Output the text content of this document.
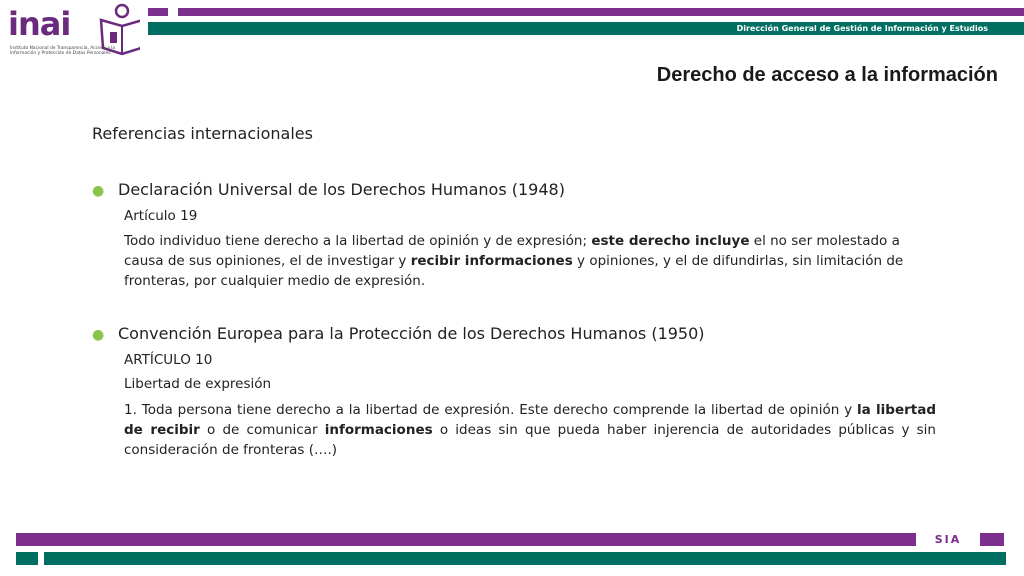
Dirección General de Gestión de Información y Estudios
inai
Instituto Nacional de Transparencia, Acceso a la Información y Protección de Datos Personales
Derecho de acceso a la información
Referencias internacionales
● Declaración Universal de los Derechos Humanos (1948)
Artículo 19
Todo individuo tiene derecho a la libertad de opinión y de expresión; este derecho incluye el no ser molestado a causa de sus opiniones, el de investigar y recibir informaciones y opiniones, y el de difundirlas, sin limitación de fronteras, por cualquier medio de expresión.
● Convención Europea para la Protección de los Derechos Humanos (1950)
ARTÍCULO 10
Libertad de expresión
1. Toda persona tiene derecho a la libertad de expresión. Este derecho comprende la libertad de opinión y la libertad de recibir o de comunicar informaciones o ideas sin que pueda haber injerencia de autoridades públicas y sin consideración de fronteras (….)
SIA
